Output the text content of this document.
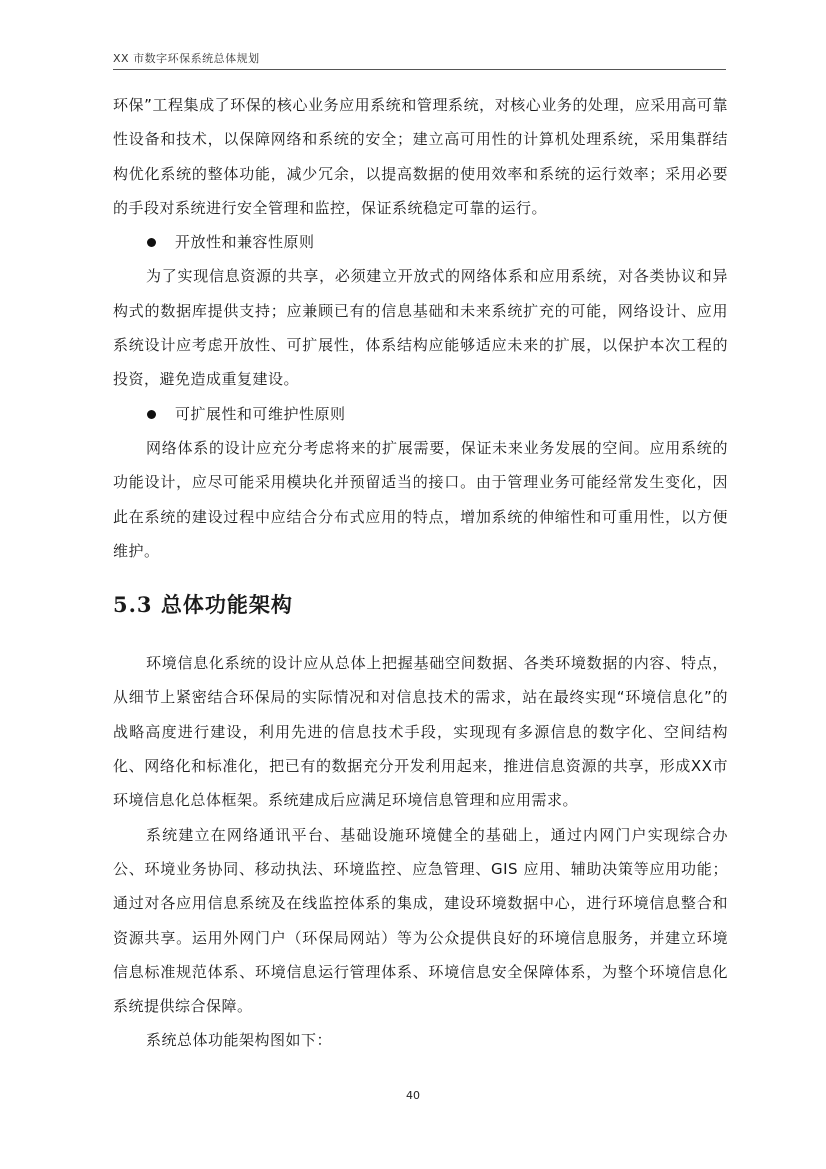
XX 市数字环保系统总体规划

环保”工程集成了环保的核心业务应用系统和管理系统，对核心业务的处理，应采用高可靠性设备和技术，以保障网络和系统的安全；建立高可用性的计算机处理系统，采用集群结构优化系统的整体功能，减少冗余，以提高数据的使用效率和系统的运行效率；采用必要的手段对系统进行安全管理和监控，保证系统稳定可靠的运行。

开放性和兼容性原则

为了实现信息资源的共享，必须建立开放式的网络体系和应用系统，对各类协议和异构式的数据库提供支持；应兼顾已有的信息基础和未来系统扩充的可能，网络设计、应用系统设计应考虑开放性、可扩展性，体系结构应能够适应未来的扩展，以保护本次工程的投资，避免造成重复建设。

可扩展性和可维护性原则

网络体系的设计应充分考虑将来的扩展需要，保证未来业务发展的空间。应用系统的功能设计，应尽可能采用模块化并预留适当的接口。由于管理业务可能经常发生变化，因此在系统的建设过程中应结合分布式应用的特点，增加系统的伸缩性和可重用性，以方便维护。

5.3 总体功能架构

环境信息化系统的设计应从总体上把握基础空间数据、各类环境数据的内容、特点，从细节上紧密结合环保局的实际情况和对信息技术的需求，站在最终实现“环境信息化”的战略高度进行建设，利用先进的信息技术手段，实现现有多源信息的数字化、空间结构化、网络化和标准化，把已有的数据充分开发利用起来，推进信息资源的共享，形成XX市环境信息化总体框架。系统建成后应满足环境信息管理和应用需求。

系统建立在网络通讯平台、基础设施环境健全的基础上，通过内网门户实现综合办公、环境业务协同、移动执法、环境监控、应急管理、GIS 应用、辅助决策等应用功能；通过对各应用信息系统及在线监控体系的集成，建设环境数据中心，进行环境信息整合和资源共享。运用外网门户（环保局网站）等为公众提供良好的环境信息服务，并建立环境信息标准规范体系、环境信息运行管理体系、环境信息安全保障体系，为整个环境信息化系统提供综合保障。

系统总体功能架构图如下：

40
